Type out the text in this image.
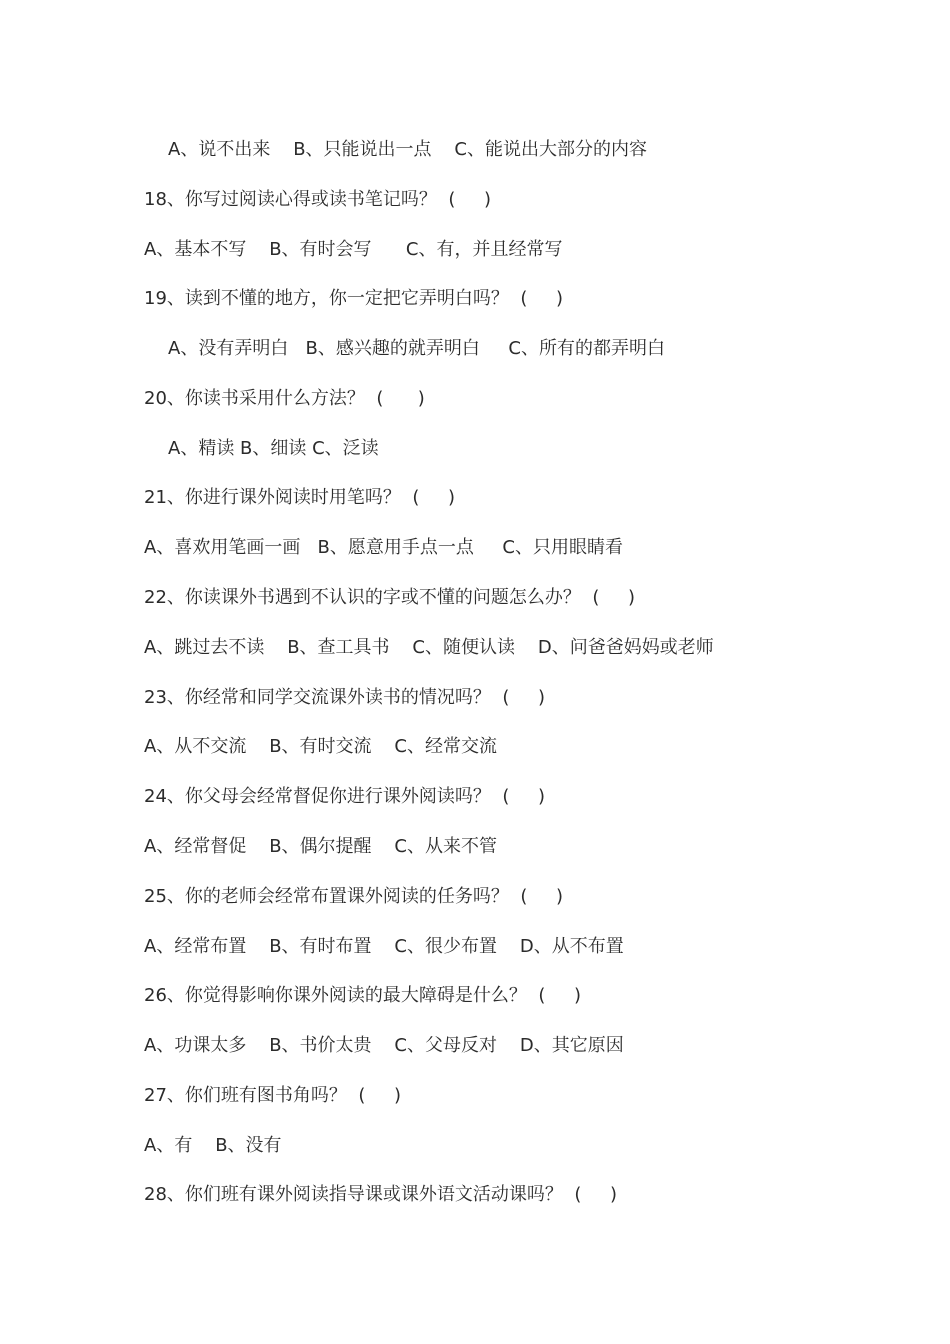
A、说不出来    B、只能说出一点    C、能说出大部分的内容
18、你写过阅读心得或读书笔记吗？  (     )
A、基本不写    B、有时会写      C、有，并且经常写
19、读到不懂的地方，你一定把它弄明白吗？  (     )
A、没有弄明白   B、感兴趣的就弄明白     C、所有的都弄明白
20、你读书采用什么方法？  (      )
A、精读 B、细读 C、泛读
21、你进行课外阅读时用笔吗？  (     )
A、喜欢用笔画一画   B、愿意用手点一点     C、只用眼睛看
22、你读课外书遇到不认识的字或不懂的问题怎么办？  (     )
A、跳过去不读    B、查工具书    C、随便认读    D、问爸爸妈妈或老师
23、你经常和同学交流课外读书的情况吗？  (     )
A、从不交流    B、有时交流    C、经常交流
24、你父母会经常督促你进行课外阅读吗？  (     )
A、经常督促    B、偶尔提醒    C、从来不管
25、你的老师会经常布置课外阅读的任务吗？  (     )
A、经常布置    B、有时布置    C、很少布置    D、从不布置
26、你觉得影响你课外阅读的最大障碍是什么？  (     )
A、功课太多    B、书价太贵    C、父母反对    D、其它原因
27、你们班有图书角吗？  (     )
A、有    B、没有
28、你们班有课外阅读指导课或课外语文活动课吗？  (     )
